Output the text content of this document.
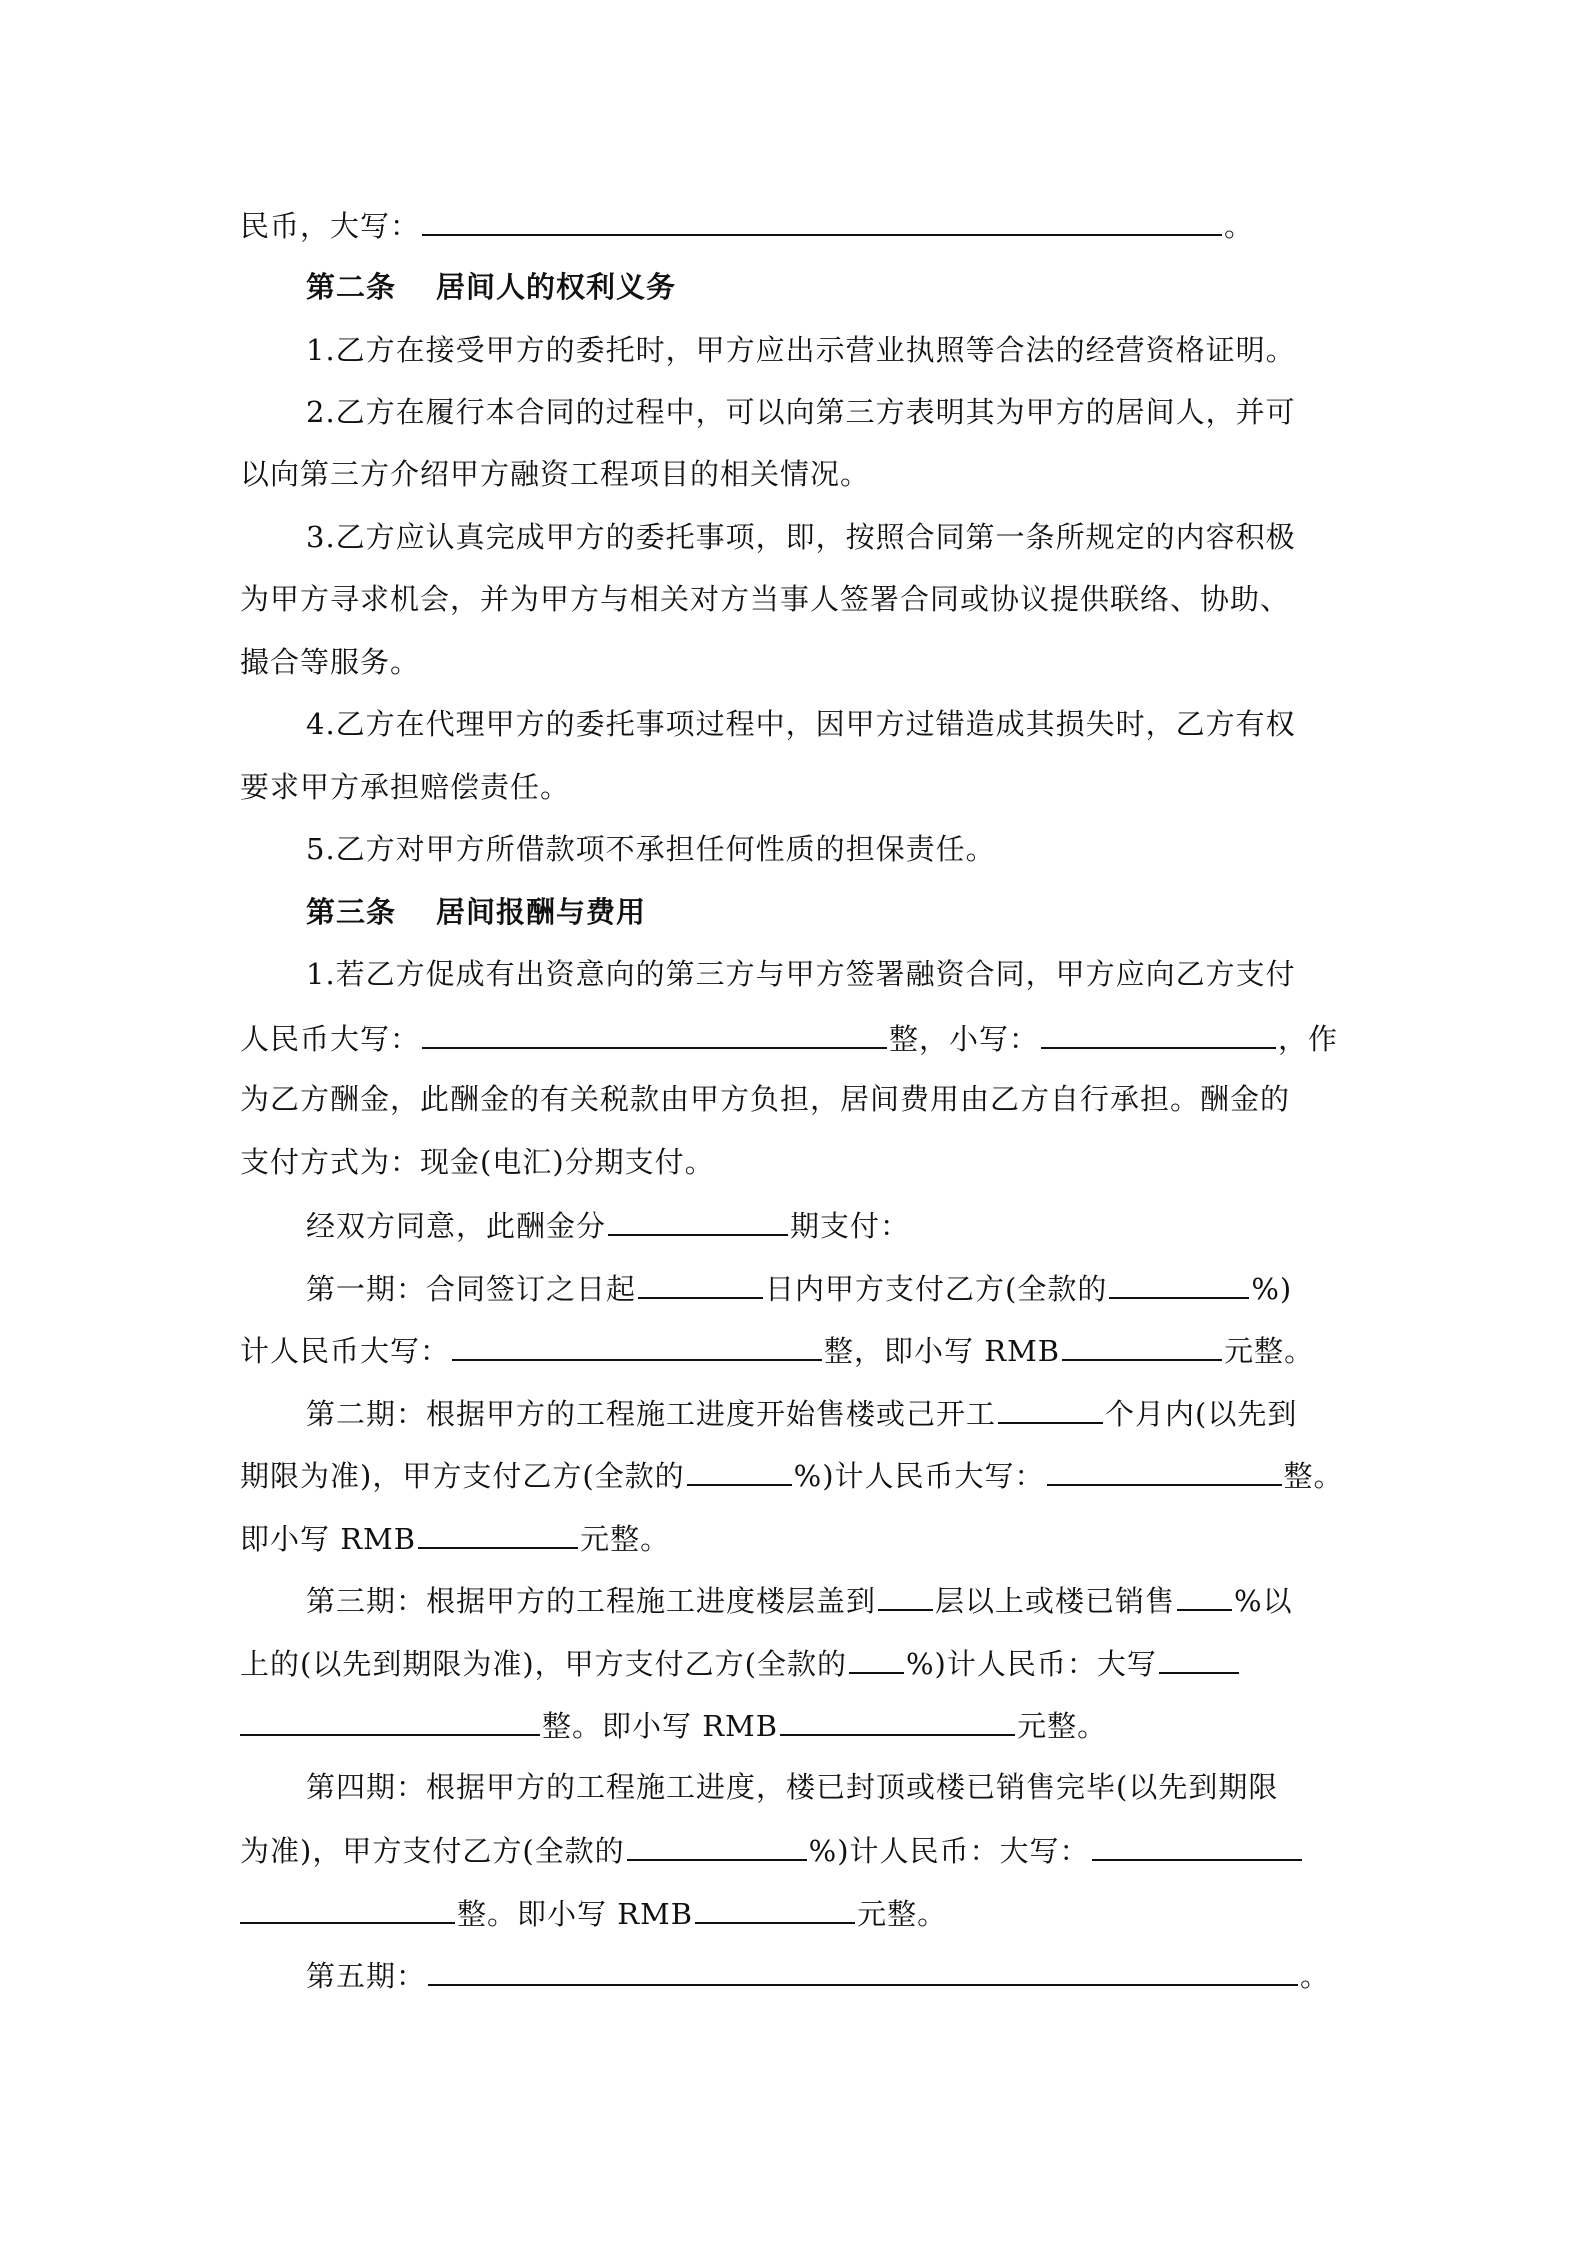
民币，大写：	。
第二条 居间人的权利义务
1.乙方在接受甲方的委托时，甲方应出示营业执照等合法的经营资格证明。
2.乙方在履行本合同的过程中，可以向第三方表明其为甲方的居间人，并可
以向第三方介绍甲方融资工程项目的相关情况。
3.乙方应认真完成甲方的委托事项，即，按照合同第一条所规定的内容积极
为甲方寻求机会，并为甲方与相关对方当事人签署合同或协议提供联络、协助、
撮合等服务。
4.乙方在代理甲方的委托事项过程中，因甲方过错造成其损失时，乙方有权
要求甲方承担赔偿责任。
5.乙方对甲方所借款项不承担任何性质的担保责任。
第三条 居间报酬与费用
1.若乙方促成有出资意向的第三方与甲方签署融资合同，甲方应向乙方支付
人民币大写：	整，小写：	，作
为乙方酬金，此酬金的有关税款由甲方负担，居间费用由乙方自行承担。酬金的
支付方式为：现金(电汇)分期支付。
经双方同意，此酬金分	期支付：
第一期：合同签订之日起	日内甲方支付乙方(全款的	%)
计人民币大写：	整，即小写 RMB	元整。
第二期：根据甲方的工程施工进度开始售楼或己开工	个月内(以先到
期限为准)，甲方支付乙方(全款的	%)计人民币大写：	整。
即小写 RMB	元整。
第三期：根据甲方的工程施工进度楼层盖到 层以上或楼已销售 %以
上的(以先到期限为准)，甲方支付乙方(全款的 %)计人民币：大写
整。即小写 RMB	元整。
第四期：根据甲方的工程施工进度，楼已封顶或楼已销售完毕(以先到期限
为准)，甲方支付乙方(全款的	%)计人民币：大写：
整。即小写 RMB	元整。
第五期：	。
